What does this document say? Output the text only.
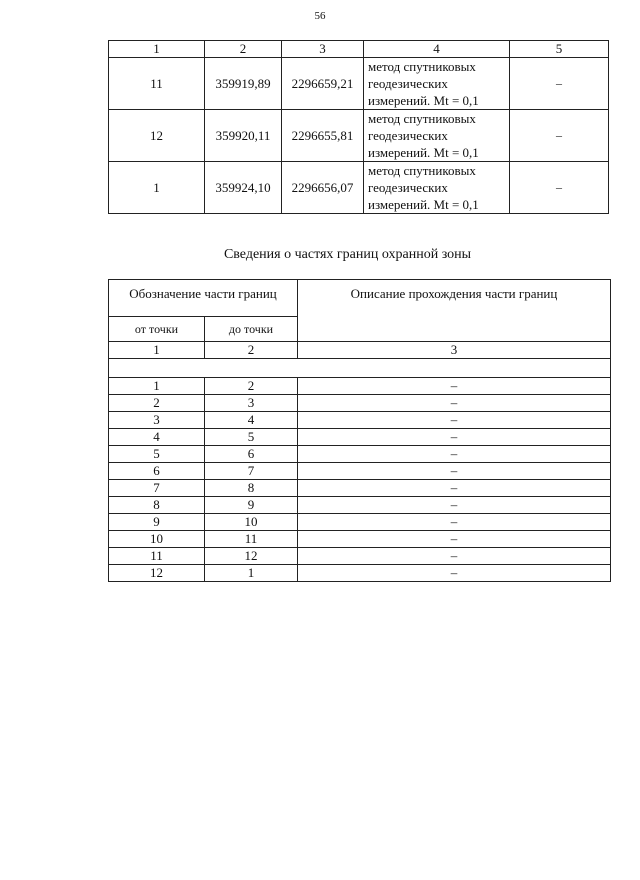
56
1	2	3	4	5
11	359919,89	2296659,21	метод спутниковых
геодезических
измерений. Mt = 0,1	–
12	359920,11	2296655,81	метод спутниковых
геодезических
измерений. Mt = 0,1	–
1	359924,10	2296656,07	метод спутниковых
геодезических
измерений. Mt = 0,1	–
Сведения о частях границ охранной зоны
Обозначение части границ		Описание прохождения части границ
от точки	до точки	
1	2	3

1	2	–
2	3	–
3	4	–
4	5	–
5	6	–
6	7	–
7	8	–
8	9	–
9	10	–
10	11	–
11	12	–
12	1	–
